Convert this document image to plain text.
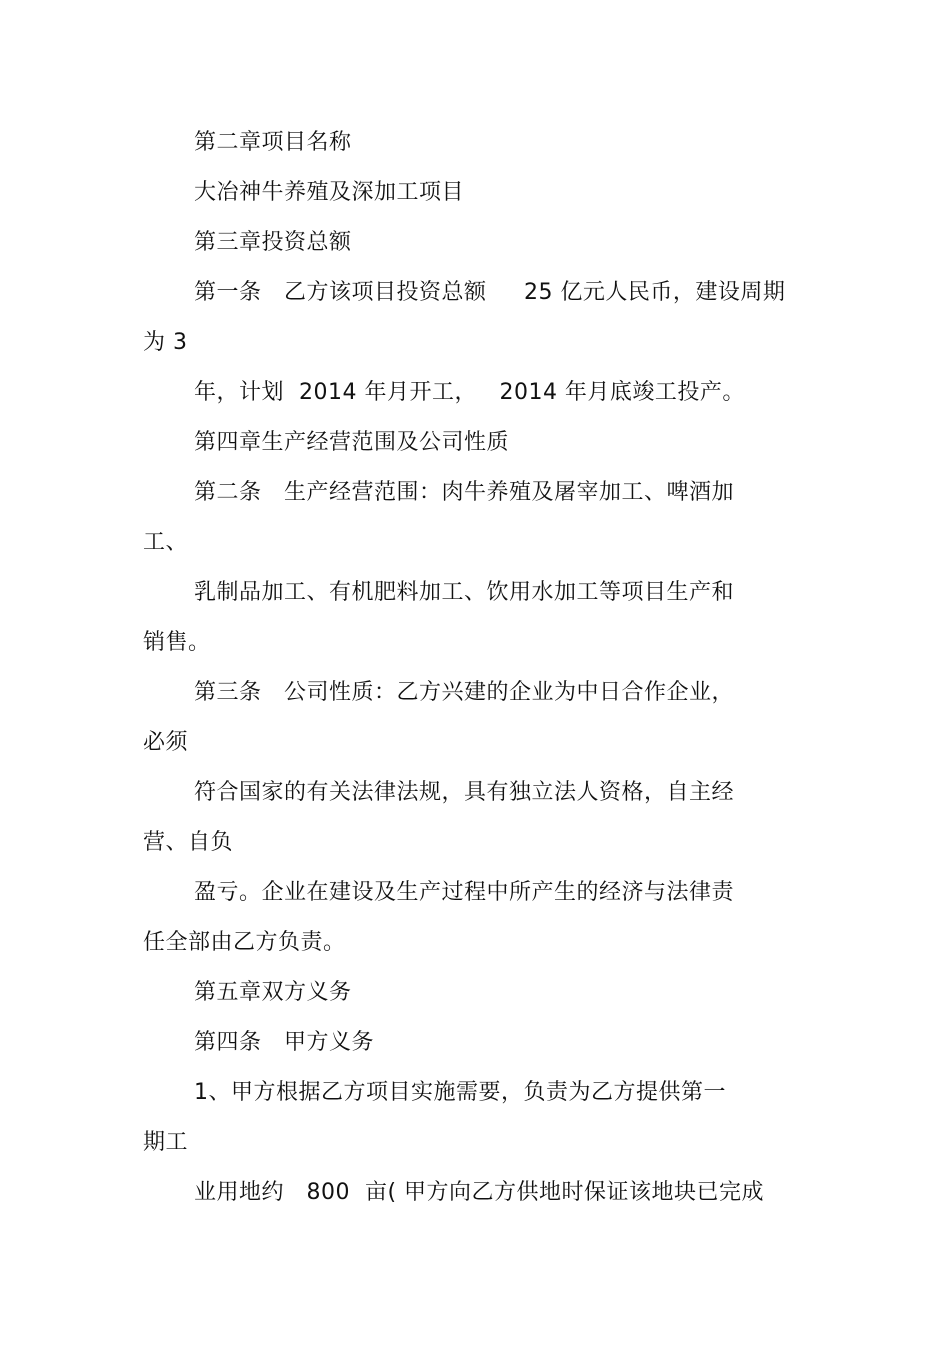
第二章项目名称
大冶神牛养殖及深加工项目
第三章投资总额
第一条   乙方该项目投资总额     25 亿元人民币，建设周期
为 3
年，计划  2014 年月开工，   2014 年月底竣工投产。
第四章生产经营范围及公司性质
第二条   生产经营范围：肉牛养殖及屠宰加工、啤酒加
工、
乳制品加工、有机肥料加工、饮用水加工等项目生产和
销售。
第三条   公司性质：乙方兴建的企业为中日合作企业，
必须
符合国家的有关法律法规，具有独立法人资格，自主经
营、自负
盈亏。企业在建设及生产过程中所产生的经济与法律责
任全部由乙方负责。
第五章双方义务
第四条   甲方义务
1、甲方根据乙方项目实施需要，负责为乙方提供第一
期工
业用地约   800  亩( 甲方向乙方供地时保证该地块已完成
